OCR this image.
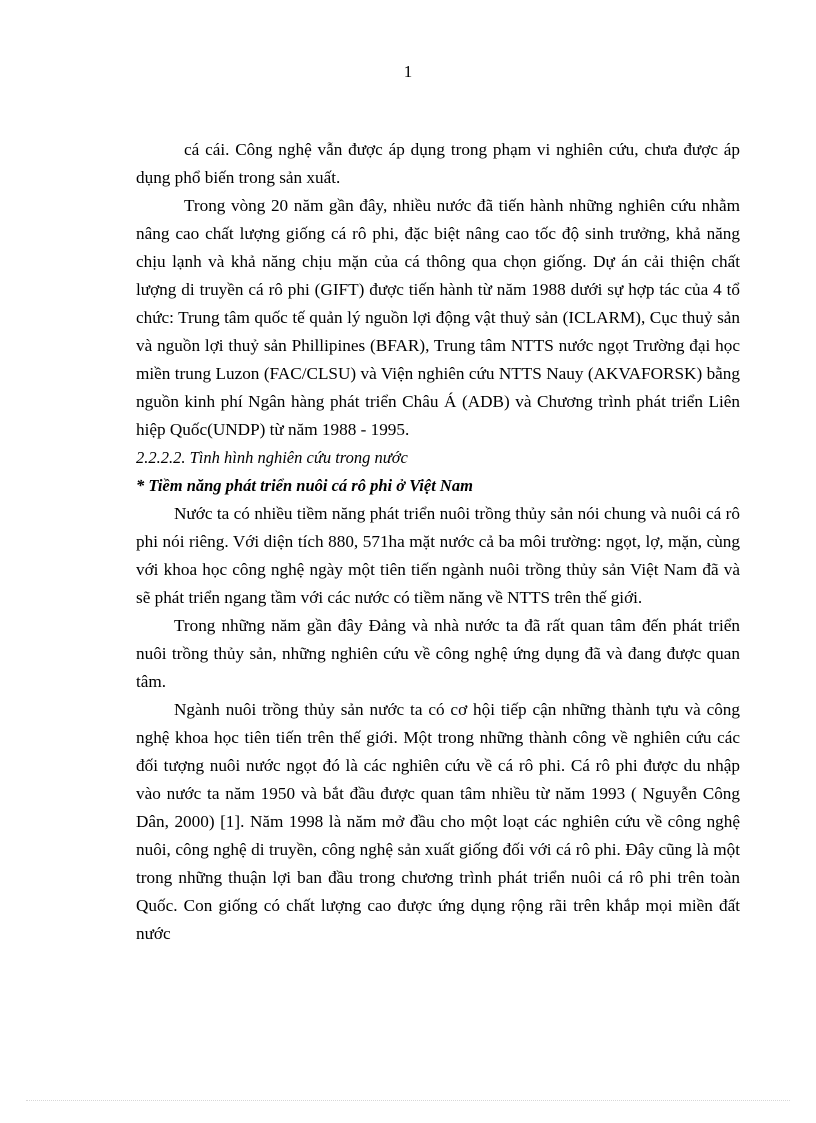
1

cá cái. Công nghệ vẫn được áp dụng trong phạm vi nghiên cứu, chưa được áp dụng phổ biến trong sản xuất.

Trong vòng 20 năm gần đây, nhiều nước đã tiến hành những nghiên cứu nhằm nâng cao chất lượng giống cá rô phi, đặc biệt nâng cao tốc độ sinh trưởng, khả năng chịu lạnh và khả năng chịu mặn của cá thông qua chọn giống. Dự án cải thiện chất lượng di truyền cá rô phi (GIFT) được tiến hành từ năm 1988 dưới sự hợp tác của 4 tổ chức: Trung tâm quốc tế quản lý nguồn lợi động vật thuỷ sản (ICLARM), Cục thuỷ sản và nguồn lợi thuỷ sản Phillipines (BFAR), Trung tâm NTTS nước ngọt Trường đại học miền trung Luzon (FAC/CLSU) và Viện nghiên cứu NTTS Nauy (AKVAFORSK) bằng nguồn kinh phí Ngân hàng phát triển Châu Á (ADB) và Chương trình phát triển Liên hiệp Quốc(UNDP) từ năm 1988 - 1995.

2.2.2.2. Tình hình nghiên cứu trong nước

* Tiềm năng phát triển nuôi cá rô phi ở Việt Nam

Nước ta có nhiều tiềm năng phát triển nuôi trồng thủy sản nói chung và nuôi cá rô phi nói riêng. Với diện tích 880, 571ha mặt nước cả ba môi trường: ngọt, lợ, mặn, cùng với khoa học công nghệ ngày một tiên tiến ngành nuôi trồng thủy sản Việt Nam đã và sẽ phát triển ngang tầm với các nước có tiềm năng về NTTS trên thế giới.

Trong những năm gần đây Đảng và nhà nước ta đã rất quan tâm đến phát triển nuôi trồng thủy sản, những nghiên cứu về công nghệ ứng dụng đã và đang được quan tâm.

Ngành nuôi trồng thủy sản nước ta có cơ hội tiếp cận những thành tựu và công nghệ khoa học tiên tiến trên thế giới. Một trong những thành công về nghiên cứu các đối tượng nuôi nước ngọt đó là các nghiên cứu về cá rô phi. Cá rô phi được du nhập vào nước ta năm 1950 và bắt đầu được quan tâm nhiều từ năm 1993 ( Nguyễn Công Dân, 2000) [1]. Năm 1998 là năm mở đầu cho một loạt các nghiên cứu về công nghệ nuôi, công nghệ di truyền, công nghệ sản xuất giống đối với cá rô phi. Đây cũng là một trong những thuận lợi ban đầu trong chương trình phát triển nuôi cá rô phi trên toàn Quốc. Con giống có chất lượng cao được ứng dụng rộng rãi trên khắp mọi miền đất nước
